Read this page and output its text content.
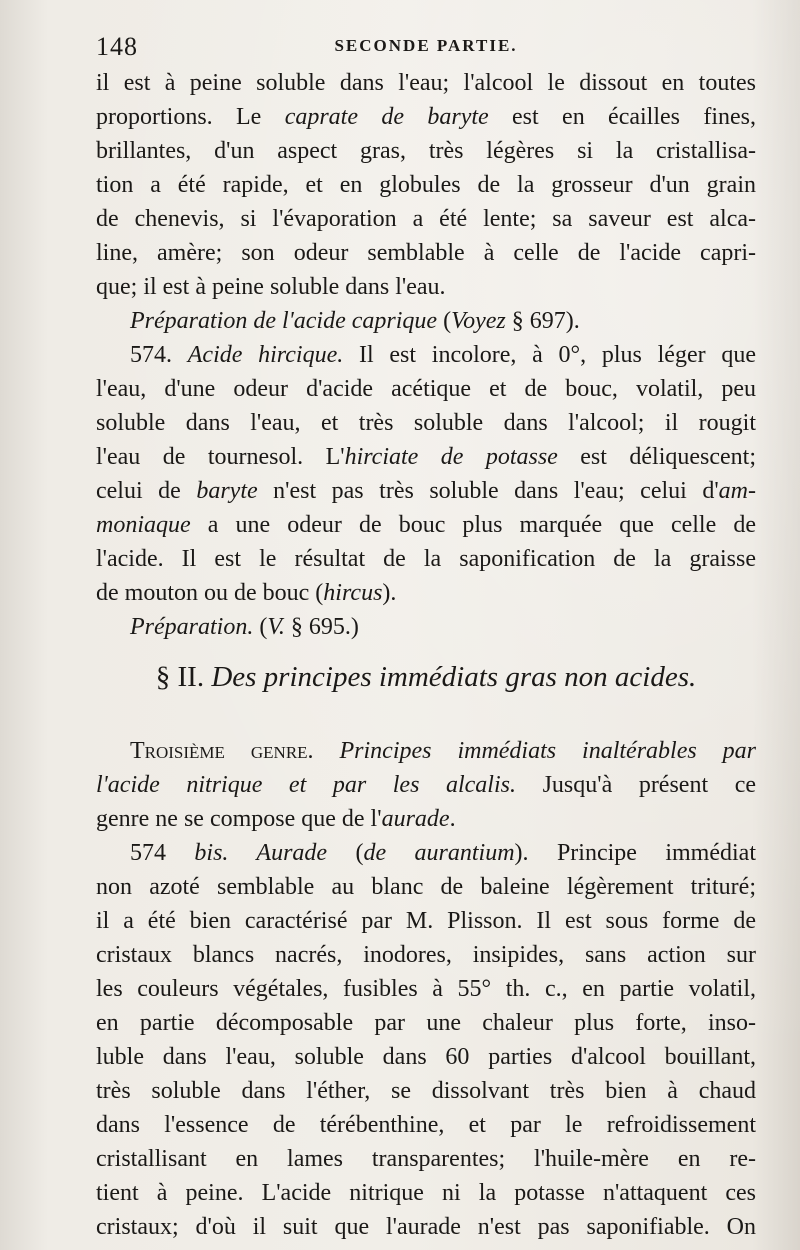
148	SECONDE PARTIE.
il est à peine soluble dans l'eau; l'alcool le dissout en toutes
proportions. Le caprate de baryte est en écailles fines,
brillantes, d'un aspect gras, très légères si la cristallisa-
tion a été rapide, et en globules de la grosseur d'un grain
de chenevis, si l'évaporation a été lente; sa saveur est alca-
line, amère; son odeur semblable à celle de l'acide capri-
que; il est à peine soluble dans l'eau.
Préparation de l'acide caprique (Voyez § 697).
574. Acide hircique. Il est incolore, à 0°, plus léger que
l'eau, d'une odeur d'acide acétique et de bouc, volatil, peu
soluble dans l'eau, et très soluble dans l'alcool; il rougit
l'eau de tournesol. L'hirciate de potasse est déliquescent;
celui de baryte n'est pas très soluble dans l'eau; celui d'am-
moniaque a une odeur de bouc plus marquée que celle de
l'acide. Il est le résultat de la saponification de la graisse
de mouton ou de bouc (hircus).
Préparation. (V. § 695.)
§ II. Des principes immédiats gras non acides.
Troisième genre. Principes immédiats inaltérables par
l'acide nitrique et par les alcalis. Jusqu'à présent ce
genre ne se compose que de l'aurade.
574 bis. Aurade (de aurantium). Principe immédiat
non azoté semblable au blanc de baleine légèrement trituré;
il a été bien caractérisé par M. Plisson. Il est sous forme de
cristaux blancs nacrés, inodores, insipides, sans action sur
les couleurs végétales, fusibles à 55° th. c., en partie volatil,
en partie décomposable par une chaleur plus forte, inso-
luble dans l'eau, soluble dans 60 parties d'alcool bouillant,
très soluble dans l'éther, se dissolvant très bien à chaud
dans l'essence de térébenthine, et par le refroidissement
cristallisant en lames transparentes; l'huile-mère en re-
tient à peine. L'acide nitrique ni la potasse n'attaquent ces
cristaux; d'où il suit que l'aurade n'est pas saponifiable. On
